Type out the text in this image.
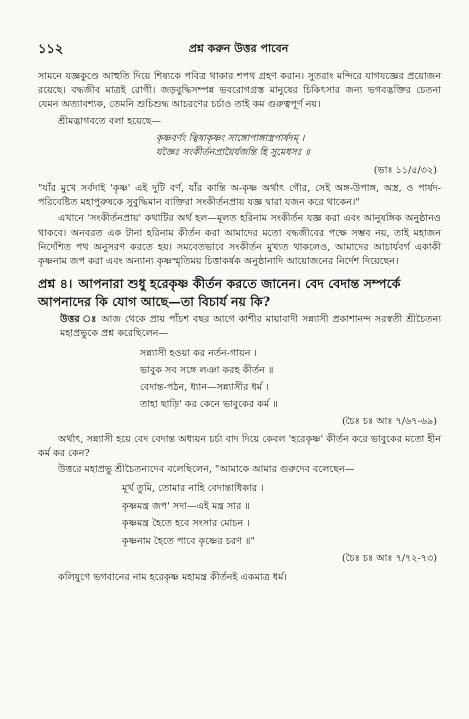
১১২	প্রশ্ন করুন উত্তর পাবেন

সামনে যজ্ঞকুণ্ডে আহুতি দিয়ে শিষ্যকে পবিত্র থাকার শপথ গ্রহণ করান। সুতরাং মন্দিরে যাগযজ্ঞের প্রয়োজন রয়েছে। বদ্ধজীব মাত্রই রোগী। জড়বুদ্ধিসম্পন্ন ভবরোগগ্রস্ত মানুষের চিকিৎসার জন্য ভগবদ্ভক্তির চেতনা যেমন অত্যাবশ্যক, তেমনি শুচিশুদ্ধ আচরণের চর্চাও তাই কম গুরুত্বপূর্ণ নয়।

শ্রীমদ্ভাগবতে বলা হয়েছে—

কৃষ্ণবর্ণং ত্বিষাকৃষ্ণং সাঙ্গোপাঙ্গাস্ত্রপার্ষদম্ ।
যজ্ঞৈঃ সংকীর্তনপ্রায়ৈর্যজন্তি হি সুমেধসঃ ॥
(ভাঃ ১১/৫/৩২)

"যাঁর মুখে সর্বদাই 'কৃষ্ণ' এই দুটি বর্ণ, যাঁর কান্তি অ-কৃষ্ণ অর্থাৎ গৌর, সেই অঙ্গ-উপাঙ্গ, অস্ত্র, ও পার্ষদ-পরিবেষ্টিত মহাপুরুষকে সুবুদ্ধিমান ব্যক্তিরা সংকীর্তনপ্রায় যজ্ঞ দ্বারা যজন করে থাকেন।"

এখানে 'সংকীর্তনপ্রায়' কথাটির অর্থ হল—মূলত হরিনাম সংকীর্তন যজ্ঞ করা এবং আনুষঙ্গিক অনুষ্ঠানও থাকবে। অনবরত এক টানা হরিনাম কীর্তন করা আমাদের মতো বদ্ধজীবের পক্ষে সম্ভব নয়, তাই মহাজন নির্দেশিত পথ অনুসরণ করতে হয়। সমবেতভাবে সংকীর্তন মুখ্যত থাকলেও, আমাদের আচার্যবর্গ একাকী কৃষ্ণনাম জপ করা এবং অন্যান্য কৃষ্ণস্মৃতিময় চিত্তাকর্ষক অনুষ্ঠানাদি আয়োজনের নির্দেশ দিয়েছেন।

প্রশ্ন ৪। আপনারা শুধু হরেকৃষ্ণ কীর্তন করতে জানেন। বেদ বেদান্ত সম্পর্কে আপনাদের কি যোগ আছে—তা বিচার্য নয় কি?

উত্তর ঃ আজ থেকে প্রায় পাঁচশ বছর আগে কাশীর মায়াবাদী সন্ন্যাসী প্রকাশানন্দ সরস্বতী শ্রীচৈতন্য মহাপ্রভুকে প্রশ্ন করেছিলেন—

সন্ন্যাসী হওয়া কর নর্তন-গায়ন ।
ভাবুক সব সঙ্গে লঞা করহ কীর্তন ॥
বেদান্ত-পঠন, ধ্যান—সন্ন্যাসীর ধর্ম ।
তাহা ছাড়ি' কর কেনে ভাবুকের কর্ম ॥
(চৈঃ চঃ আঃ ৭/৬৭-৬৯)

অর্থাৎ, সন্ন্যাসী হয়ে বেদ বেদান্ত অধ্যয়ন চর্চা বাদ দিয়ে কেবল 'হরেকৃষ্ণ' কীর্তন করে ভাবুকের মতো হীন কর্ম কর কেন?

উত্তরে মহাপ্রভু শ্রীচৈতন্যদেব বলেছিলেন, "আমাকে আমার গুরুদেব বলেছেন—

মূর্খ তুমি, তোমার নাহি বেদান্তাধিকার ।
কৃষ্ণমন্ত্র জপ' সদা—এই মন্ত্র সার ॥
কৃষ্ণমন্ত্র হৈতে হবে সংসার মোচন ।
কৃষ্ণনাম হৈতে পাবে কৃষ্ণের চরণ ॥"
(চৈঃ চঃ আঃ ৭/৭২-৭৩)

কলিযুগে ভগবানের নাম হরেকৃষ্ণ মহামন্ত্র কীর্তনই একমাত্র ধর্ম।
